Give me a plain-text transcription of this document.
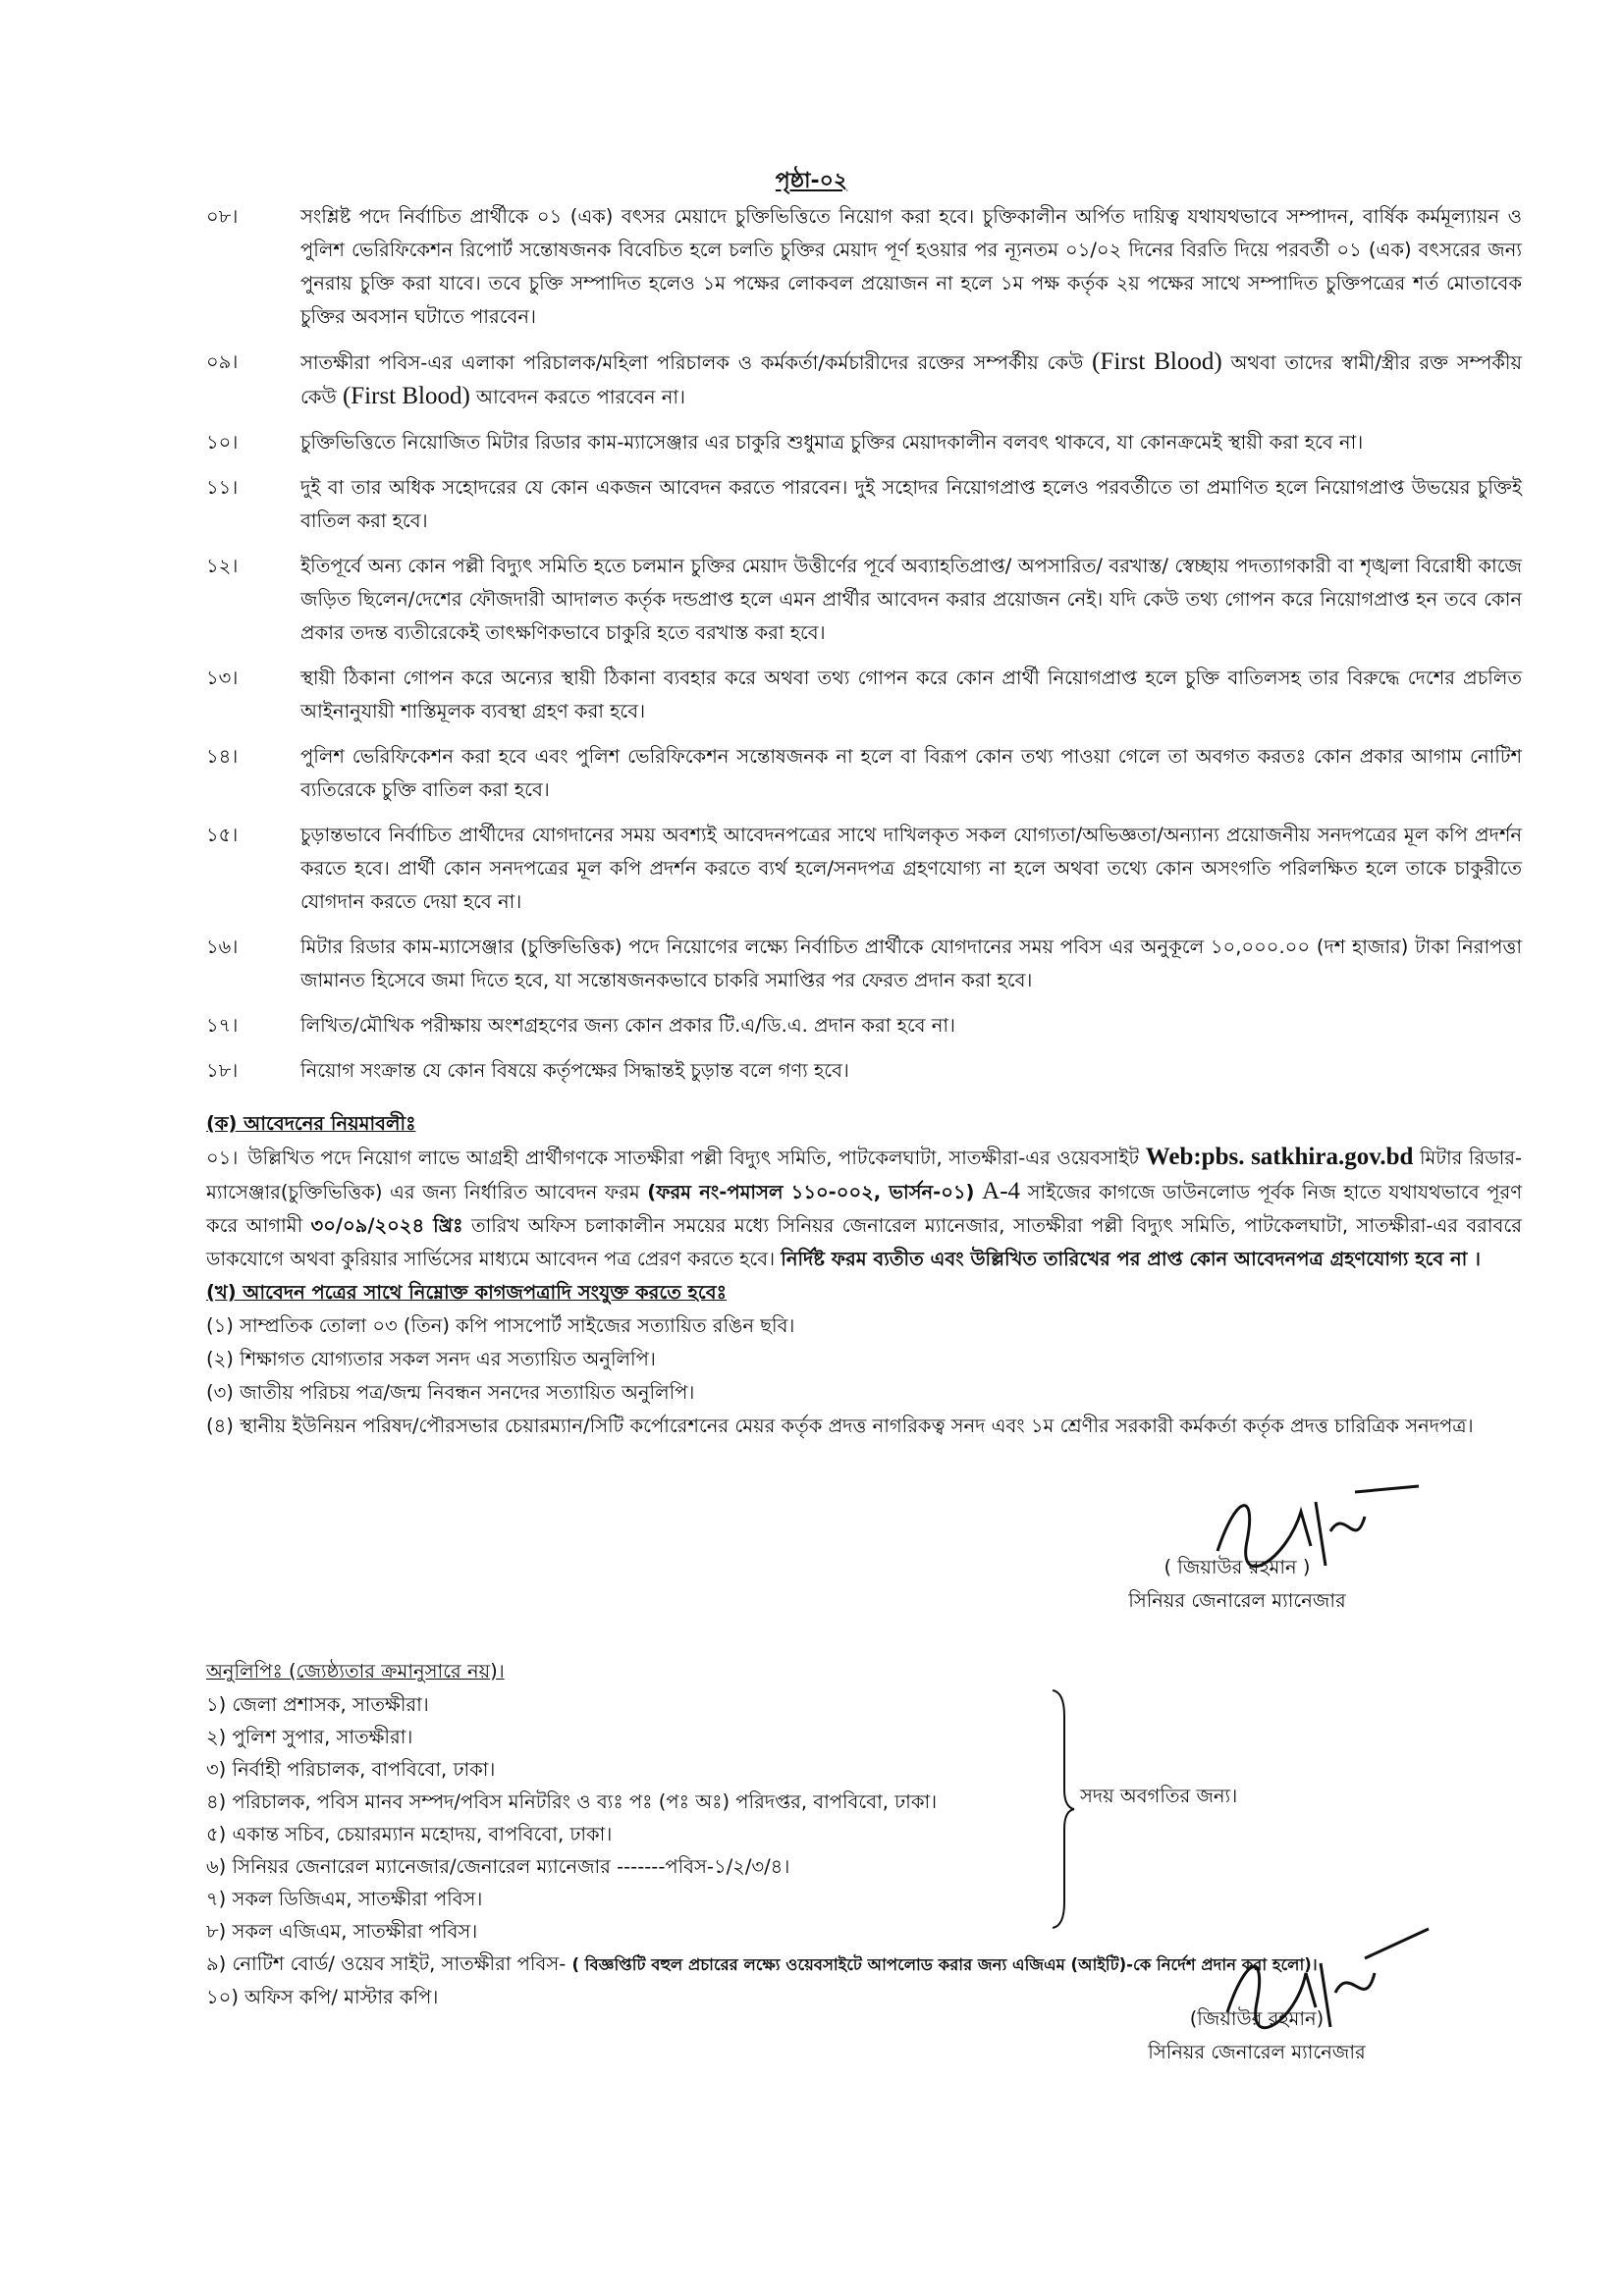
পৃষ্ঠা-০২
০৮।	সংশ্লিষ্ট পদে নির্বাচিত প্রার্থীকে ০১ (এক) বৎসর মেয়াদে চুক্তিভিত্তিতে নিয়োগ করা হবে। চুক্তিকালীন অর্পিত দায়িত্ব যথাযথভাবে সম্পাদন, বার্ষিক কর্মমূল্যায়ন ও পুলিশ ভেরিফিকেশন রিপোর্ট সন্তোষজনক বিবেচিত হলে চলতি চুক্তির মেয়াদ পূর্ণ হওয়ার পর ন্যূনতম ০১/০২ দিনের বিরতি দিয়ে পরবর্তী ০১ (এক) বৎসরের জন্য পুনরায় চুক্তি করা যাবে। তবে চুক্তি সম্পাদিত হলেও ১ম পক্ষের লোকবল প্রয়োজন না হলে ১ম পক্ষ কর্তৃক ২য় পক্ষের সাথে সম্পাদিত চুক্তিপত্রের শর্ত মোতাবেক চুক্তির অবসান ঘটাতে পারবেন।
০৯।	সাতক্ষীরা পবিস-এর এলাকা পরিচালক/মহিলা পরিচালক ও কর্মকর্তা/কর্মচারীদের রক্তের সম্পর্কীয় কেউ (First Blood) অথবা তাদের স্বামী/স্ত্রীর রক্ত সম্পর্কীয় কেউ (First Blood) আবেদন করতে পারবেন না।
১০।	চুক্তিভিত্তিতে নিয়োজিত মিটার রিডার কাম-ম্যাসেঞ্জার এর চাকুরি শুধুমাত্র চুক্তির মেয়াদকালীন বলবৎ থাকবে, যা কোনক্রমেই স্থায়ী করা হবে না।
১১।	দুই বা তার অধিক সহোদরের যে কোন একজন আবেদন করতে পারবেন। দুই সহোদর নিয়োগপ্রাপ্ত হলেও পরবর্তীতে তা প্রমাণিত হলে নিয়োগপ্রাপ্ত উভয়ের চুক্তিই বাতিল করা হবে।
১২।	ইতিপূর্বে অন্য কোন পল্লী বিদ্যুৎ সমিতি হতে চলমান চুক্তির মেয়াদ উত্তীর্ণের পূর্বে অব্যাহতিপ্রাপ্ত/ অপসারিত/ বরখাস্ত/ স্বেচ্ছায় পদত্যাগকারী বা শৃঙ্খলা বিরোধী কাজে জড়িত ছিলেন/দেশের ফৌজদারী আদালত কর্তৃক দন্ডপ্রাপ্ত হলে এমন প্রার্থীর আবেদন করার প্রয়োজন নেই। যদি কেউ তথ্য গোপন করে নিয়োগপ্রাপ্ত হন তবে কোন প্রকার তদন্ত ব্যতীরেকেই তাৎক্ষণিকভাবে চাকুরি হতে বরখাস্ত করা হবে।
১৩।	স্থায়ী ঠিকানা গোপন করে অন্যের স্থায়ী ঠিকানা ব্যবহার করে অথবা তথ্য গোপন করে কোন প্রার্থী নিয়োগপ্রাপ্ত হলে চুক্তি বাতিলসহ তার বিরুদ্ধে দেশের প্রচলিত আইনানুযায়ী শাস্তিমূলক ব্যবস্থা গ্রহণ করা হবে।
১৪।	পুলিশ ভেরিফিকেশন করা হবে এবং পুলিশ ভেরিফিকেশন সন্তোষজনক না হলে বা বিরূপ কোন তথ্য পাওয়া গেলে তা অবগত করতঃ কোন প্রকার আগাম নোটিশ ব্যতিরেকে চুক্তি বাতিল করা হবে।
১৫।	চুড়ান্তভাবে নির্বাচিত প্রার্থীদের যোগদানের সময় অবশ্যই আবেদনপত্রের সাথে দাখিলকৃত সকল যোগ্যতা/অভিজ্ঞতা/অন্যান্য প্রয়োজনীয় সনদপত্রের মূল কপি প্রদর্শন করতে হবে। প্রার্থী কোন সনদপত্রের মূল কপি প্রদর্শন করতে ব্যর্থ হলে/সনদপত্র গ্রহণযোগ্য না হলে অথবা তথ্যে কোন অসংগতি পরিলক্ষিত হলে তাকে চাকুরীতে যোগদান করতে দেয়া হবে না।
১৬।	মিটার রিডার কাম-ম্যাসেঞ্জার (চুক্তিভিত্তিক) পদে নিয়োগের লক্ষ্যে নির্বাচিত প্রার্থীকে যোগদানের সময় পবিস এর অনুকূলে ১০,০০০.০০ (দশ হাজার) টাকা নিরাপত্তা জামানত হিসেবে জমা দিতে হবে, যা সন্তোষজনকভাবে চাকরি সমাপ্তির পর ফেরত প্রদান করা হবে।
১৭।	লিখিত/মৌখিক পরীক্ষায় অংশগ্রহণের জন্য কোন প্রকার টি.এ/ডি.এ. প্রদান করা হবে না।
১৮।	নিয়োগ সংক্রান্ত যে কোন বিষয়ে কর্তৃপক্ষের সিদ্ধান্তই চুড়ান্ত বলে গণ্য হবে।

(ক) আবেদনের নিয়মাবলীঃ

০১। উল্লিখিত পদে নিয়োগ লাভে আগ্রহী প্রার্থীগণকে সাতক্ষীরা পল্লী বিদ্যুৎ সমিতি, পাটকেলঘাটা, সাতক্ষীরা-এর ওয়েবসাইট Web:pbs. satkhira.gov.bd মিটার রিডার-ম্যাসেঞ্জার(চুক্তিভিত্তিক) এর জন্য নির্ধারিত আবেদন ফরম (ফরম নং-পমাসল ১১০-০০২, ভার্সন-০১) A-4 সাইজের কাগজে ডাউনলোড পূর্বক নিজ হাতে যথাযথভাবে পূরণ করে আগামী ৩০/০৯/২০২৪ খ্রিঃ তারিখ অফিস চলাকালীন সময়ের মধ্যে সিনিয়র জেনারেল ম্যানেজার, সাতক্ষীরা পল্লী বিদ্যুৎ সমিতি, পাটকেলঘাটা, সাতক্ষীরা-এর বরাবরে ডাকযোগে অথবা কুরিয়ার সার্ভিসের মাধ্যমে আবেদন পত্র প্রেরণ করতে হবে। নির্দিষ্ট ফরম ব্যতীত এবং উল্লিখিত তারিখের পর প্রাপ্ত কোন আবেদনপত্র গ্রহণযোগ্য হবে না ।

(খ) আবেদন পত্রের সাথে নিম্নোক্ত কাগজপত্রাদি সংযুক্ত করতে হবেঃ

(১) সাম্প্রতিক তোলা ০৩ (তিন) কপি পাসপোর্ট সাইজের সত্যায়িত রঙিন ছবি।
(২) শিক্ষাগত যোগ্যতার সকল সনদ এর সত্যায়িত অনুলিপি।
(৩) জাতীয় পরিচয় পত্র/জন্ম নিবন্ধন সনদের সত্যায়িত অনুলিপি।
(৪) স্থানীয় ইউনিয়ন পরিষদ/পৌরসভার চেয়ারম্যান/সিটি কর্পোরেশনের মেয়র কর্তৃক প্রদত্ত নাগরিকত্ব সনদ এবং ১ম শ্রেণীর সরকারী কর্মকর্তা কর্তৃক প্রদত্ত চারিত্রিক সনদপত্র।
( জিয়াউর রহমান )
সিনিয়র জেনারেল ম্যানেজার

অনুলিপিঃ (জ্যেষ্ঠ্যতার ক্রমানুসারে নয়)।

১) জেলা প্রশাসক, সাতক্ষীরা।
২) পুলিশ সুপার, সাতক্ষীরা।
৩) নির্বাহী পরিচালক, বাপবিবো, ঢাকা।
৪) পরিচালক, পবিস মানব সম্পদ/পবিস মনিটরিং ও ব্যঃ পঃ (পঃ অঃ) পরিদপ্তর, বাপবিবো, ঢাকা।
৫) একান্ত সচিব, চেয়ারম্যান মহোদয়, বাপবিবো, ঢাকা।
৬) সিনিয়র জেনারেল ম্যানেজার/জেনারেল ম্যানেজার -------পবিস-১/২/৩/৪।
৭) সকল ডিজিএম, সাতক্ষীরা পবিস।
৮) সকল এজিএম, সাতক্ষীরা পবিস।
৯) নোটিশ বোর্ড/ ওয়েব সাইট, সাতক্ষীরা পবিস- ( বিজ্ঞপ্তিটি বহুল প্রচারের লক্ষ্যে ওয়েবসাইটে আপলোড করার জন্য এজিএম (আইটি)-কে নির্দেশ প্রদান করা হলো)।
১০) অফিস কপি/ মাস্টার কপি।
সদয় অবগতির জন্য।
(জিয়াউর রহমান)
সিনিয়র জেনারেল ম্যানেজার
